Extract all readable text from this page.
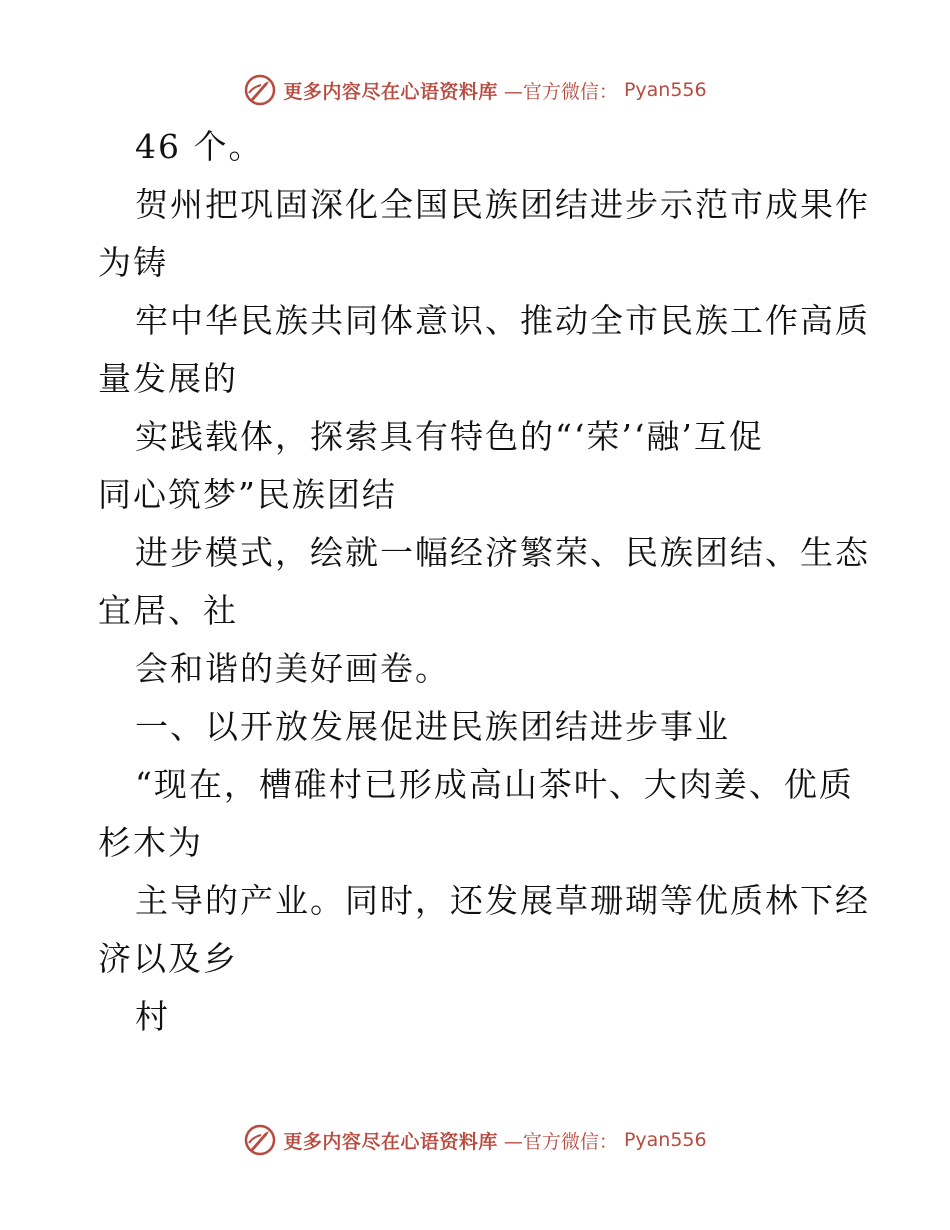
更多内容尽在心语资料库 —官方微信： Pyan556
46 个。
贺州把巩固深化全国民族团结进步示范市成果作
为铸
牢中华民族共同体意识、推动全市民族工作高质
量发展的
实践载体，探索具有特色的“‘荣’‘融’互促
同心筑梦”民族团结
进步模式，绘就一幅经济繁荣、民族团结、生态
宜居、社
会和谐的美好画卷。
一、以开放发展促进民族团结进步事业
“现在，槽碓村已形成高山茶叶、大肉姜、优质
杉木为
主导的产业。同时，还发展草珊瑚等优质林下经
济以及乡
村
更多内容尽在心语资料库 —官方微信： Pyan556
